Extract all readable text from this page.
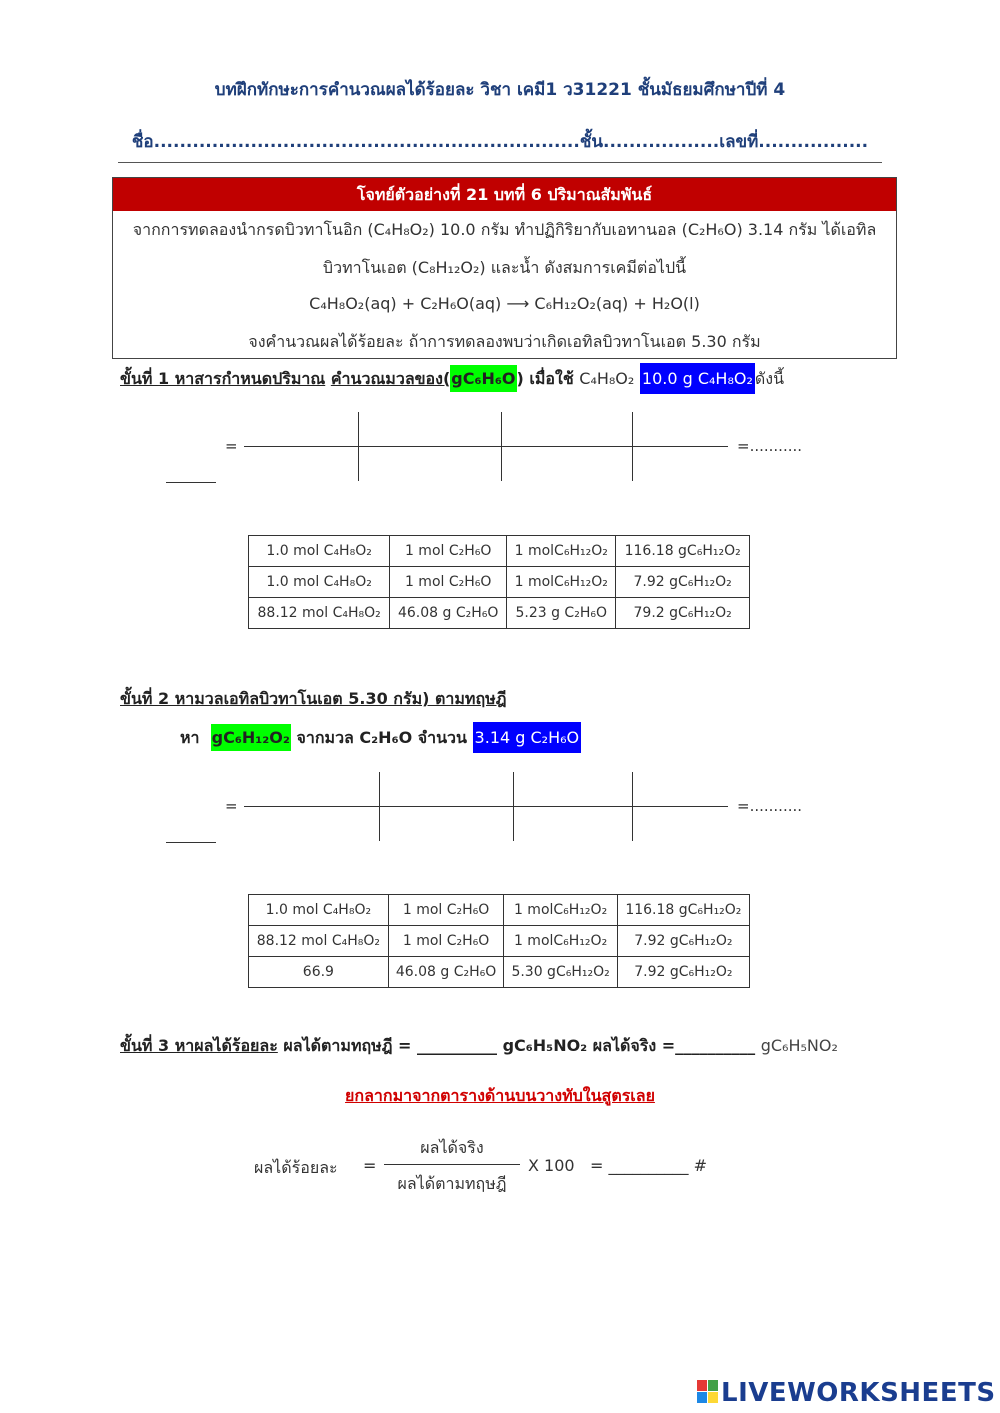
บทฝึกทักษะการคำนวณผลได้ร้อยละ วิชา เคมี1 ว31221 ชั้นมัธยมศึกษาปีที่ 4
ชื่อ..................................................................ชั้น..................เลขที่.................
โจทย์ตัวอย่างที่ 21 บทที่ 6 ปริมาณสัมพันธ์
จากการทดลองนำกรดบิวทาโนอิก (C₄H₈O₂) 10.0 กรัม ทำปฏิกิริยากับเอทานอล (C₂H₆O) 3.14 กรัม ได้เอทิล
บิวทาโนเอต (C₈H₁₂O₂) และน้ำ ดังสมการเคมีต่อไปนี้
C₄H₈O₂(aq) + C₂H₆O(aq) ⟶ C₆H₁₂O₂(aq) + H₂O(l)
จงคำนวณผลได้ร้อยละ ถ้าการทดลองพบว่าเกิดเอทิลบิวทาโนเอต 5.30 กรัม
ขั้นที่ 1 หาสารกำหนดปริมาณ คำนวณมวลของ(gC₆H₆O) เมื่อใช้ C₄H₈O₂ 10.0 g C₄H₈O₂ ดังนี้
=	=...........
1.0 mol C₄H₈O₂	1 mol C₂H₆O	1 molC₆H₁₂O₂	116.18 gC₆H₁₂O₂
1.0 mol C₄H₈O₂	1 mol C₂H₆O	1 molC₆H₁₂O₂	7.92 gC₆H₁₂O₂
88.12 mol C₄H₈O₂	46.08 g C₂H₆O	5.23 g C₂H₆O	79.2 gC₆H₁₂O₂
ขั้นที่ 2 หามวลเอทิลบิวทาโนเอต 5.30 กรัม) ตามทฤษฎี
หา gC₆H₁₂O₂ จากมวล C₂H₆O จำนวน 3.14 g C₂H₆O
=	=...........
1.0 mol C₄H₈O₂	1 mol C₂H₆O	1 molC₆H₁₂O₂	116.18 gC₆H₁₂O₂
88.12 mol C₄H₈O₂	1 mol C₂H₆O	1 molC₆H₁₂O₂	7.92 gC₆H₁₂O₂
66.9	46.08 g C₂H₆O	5.30 gC₆H₁₂O₂	7.92 gC₆H₁₂O₂
ขั้นที่ 3 หาผลได้ร้อยละ ผลได้ตามทฤษฎี = __________ gC₆H₅NO₂ ผลได้จริง =__________ gC₆H₅NO₂
ยกลากมาจากตารางด้านบนวางทับในสูตรเลย
ผลได้ร้อยละ =
ผลได้จริง
ผลได้ตามทฤษฎี
X 100 = __________ #
LIVEWORKSHEETS
